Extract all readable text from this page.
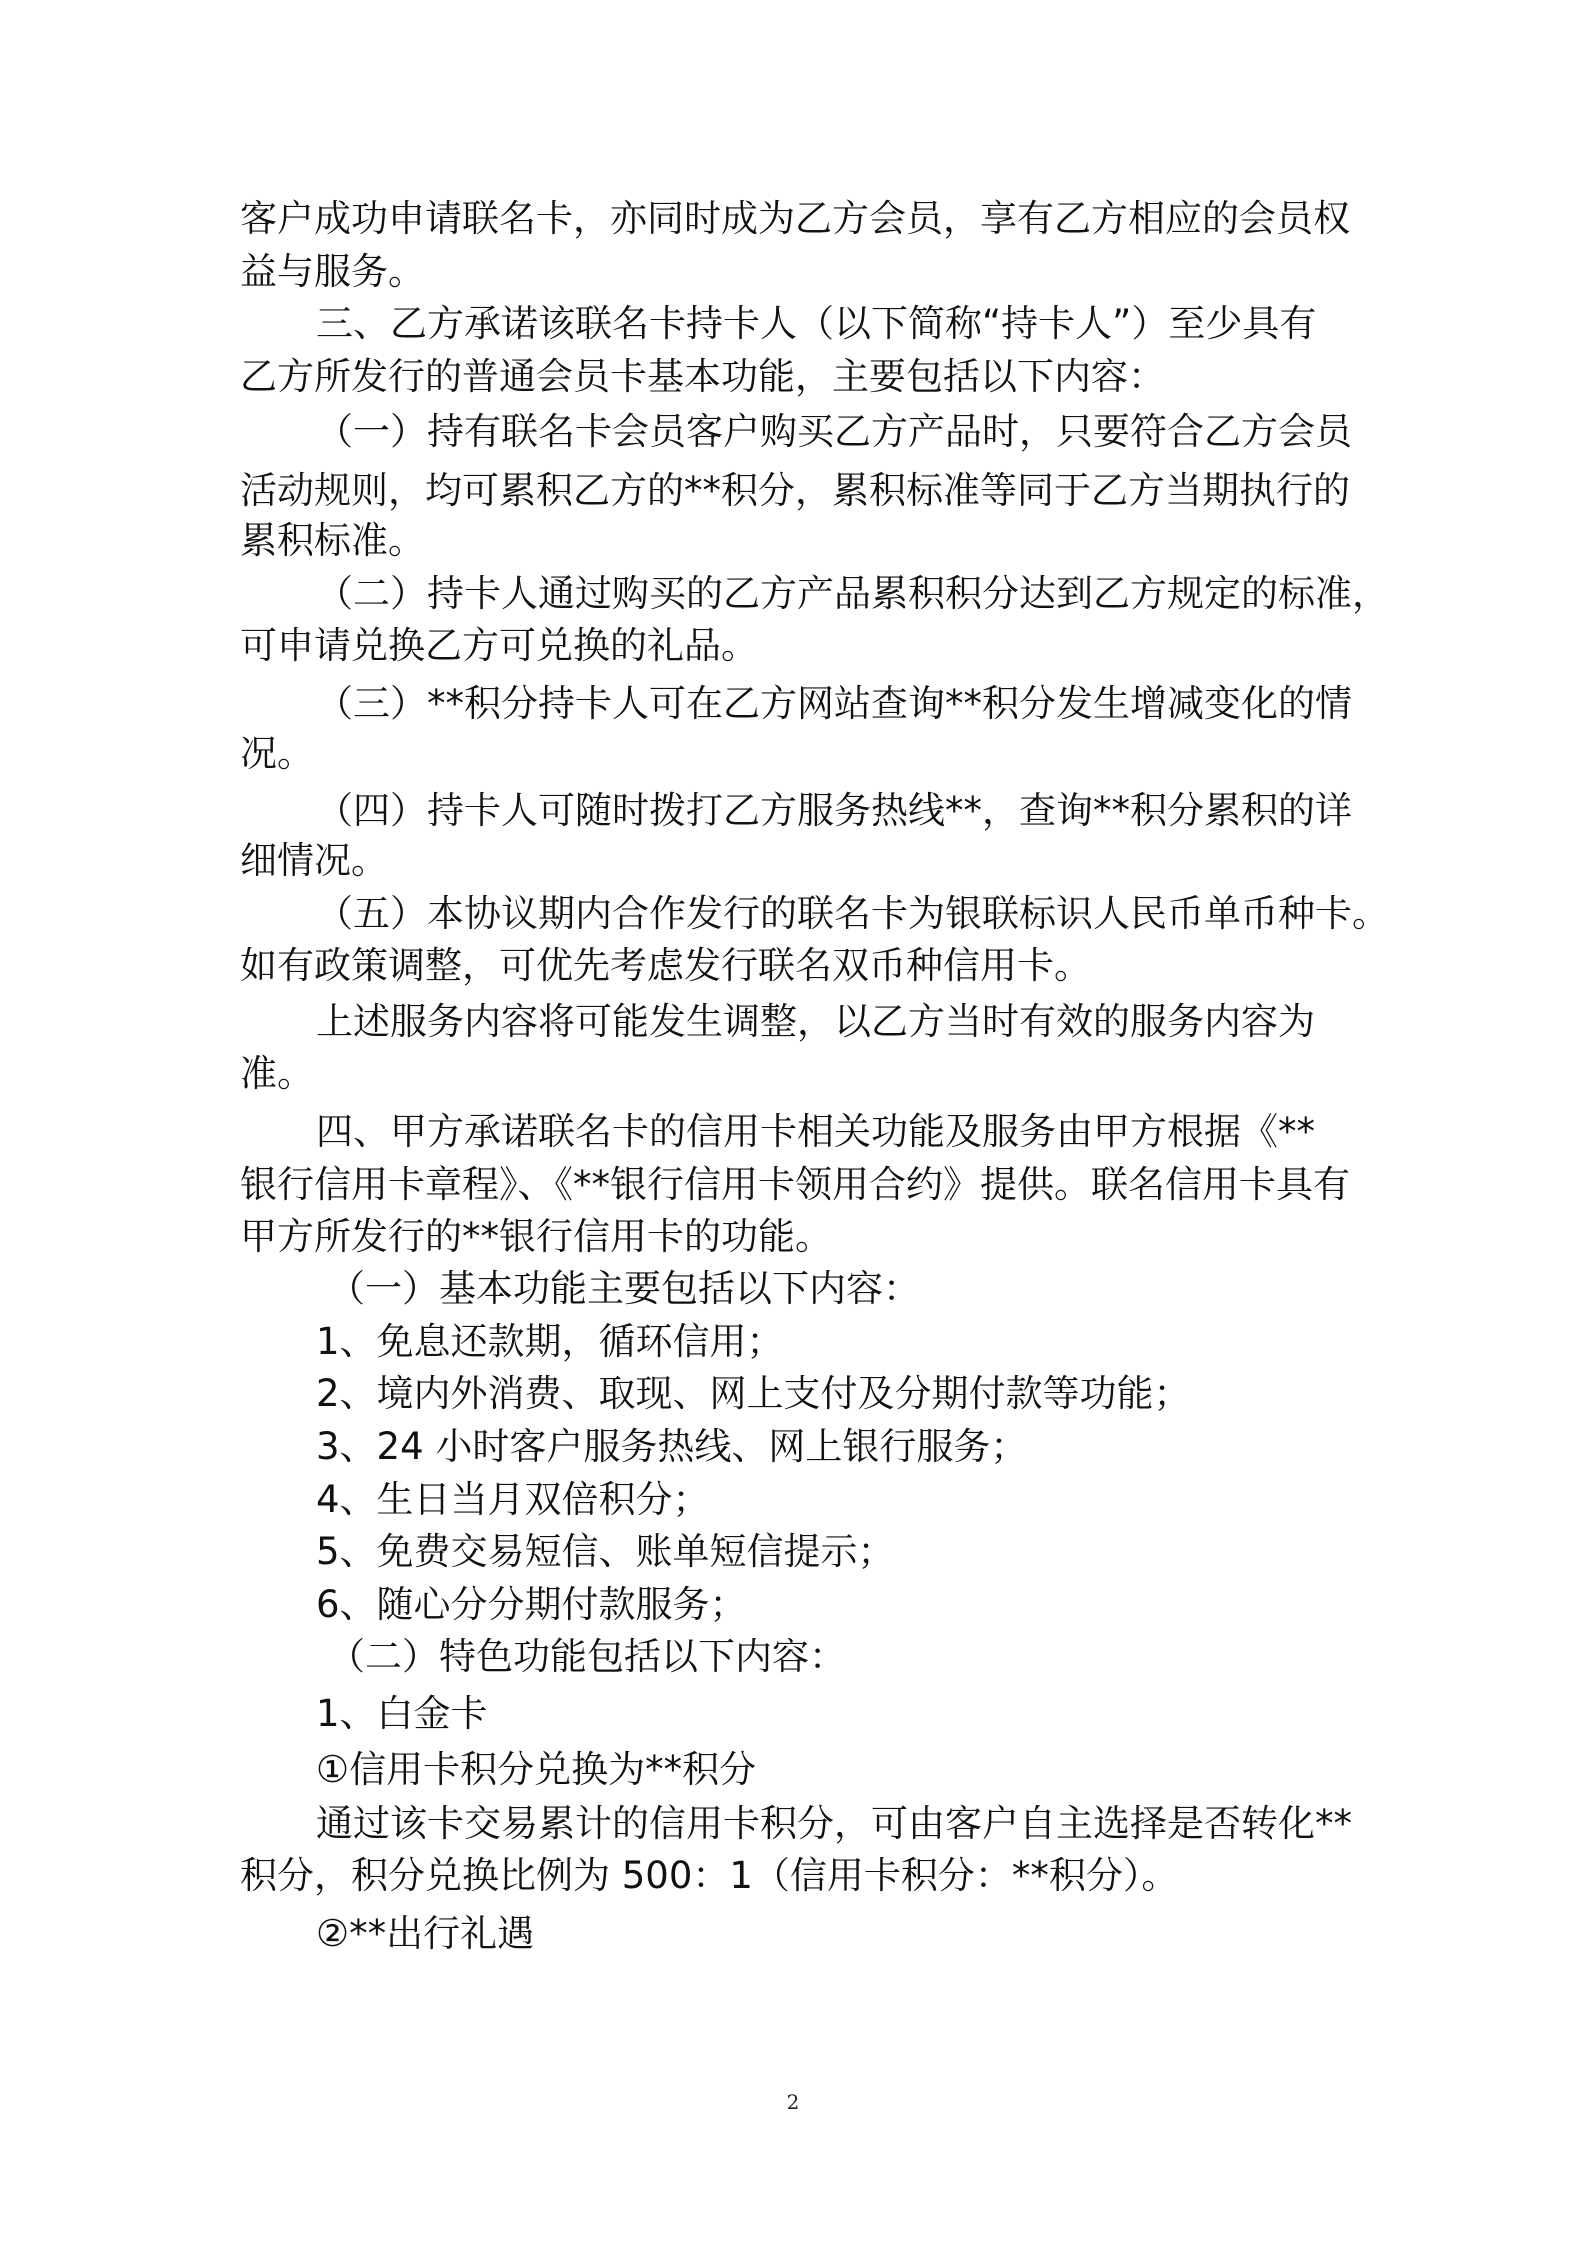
客户成功申请联名卡，亦同时成为乙方会员，享有乙方相应的会员权
益与服务。
三、乙方承诺该联名卡持卡人（以下简称“持卡人”）至少具有
乙方所发行的普通会员卡基本功能，主要包括以下内容：
（一）持有联名卡会员客户购买乙方产品时，只要符合乙方会员
活动规则，均可累积乙方的**积分，累积标准等同于乙方当期执行的
累积标准。
（二）持卡人通过购买的乙方产品累积积分达到乙方规定的标准，
可申请兑换乙方可兑换的礼品。
（三）**积分持卡人可在乙方网站查询**积分发生增减变化的情
况。
（四）持卡人可随时拨打乙方服务热线**，查询**积分累积的详
细情况。
（五）本协议期内合作发行的联名卡为银联标识人民币单币种卡。
如有政策调整，可优先考虑发行联名双币种信用卡。
上述服务内容将可能发生调整，以乙方当时有效的服务内容为
准。
四、甲方承诺联名卡的信用卡相关功能及服务由甲方根据《**
银行信用卡章程》、《**银行信用卡领用合约》提供。联名信用卡具有
甲方所发行的**银行信用卡的功能。
（一）基本功能主要包括以下内容：
1、免息还款期，循环信用；
2、境内外消费、取现、网上支付及分期付款等功能；
3、24 小时客户服务热线、网上银行服务；
4、生日当月双倍积分；
5、免费交易短信、账单短信提示；
6、随心分分期付款服务；
（二）特色功能包括以下内容：
1、白金卡
①信用卡积分兑换为**积分
通过该卡交易累计的信用卡积分，可由客户自主选择是否转化**
积分，积分兑换比例为 500：1（信用卡积分：**积分）。
②**出行礼遇
2
